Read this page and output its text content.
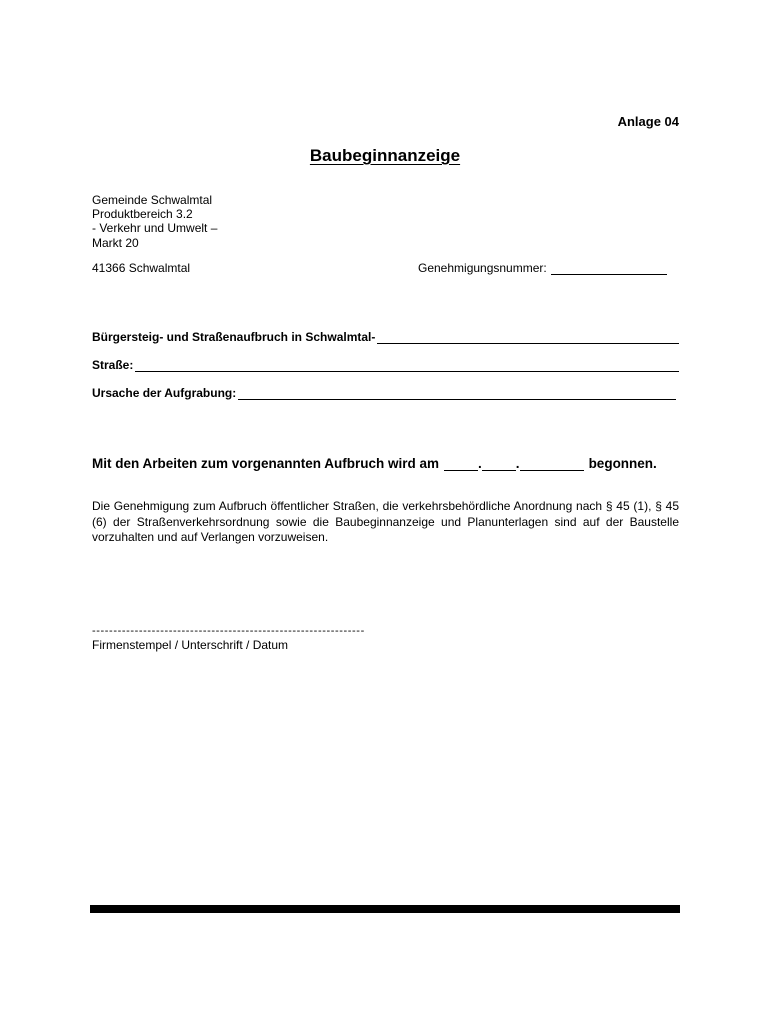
Anlage 04
Baubeginnanzeige
Gemeinde Schwalmtal
Produktbereich 3.2
- Verkehr und Umwelt –
Markt 20
41366 Schwalmtal	Genehmigungsnummer:
Bürgersteig- und Straßenaufbruch in Schwalmtal-
Straße:
Ursache der Aufgrabung:
Mit den Arbeiten zum vorgenannten Aufbruch wird am	.	.	begonnen.
Die Genehmigung zum Aufbruch öffentlicher Straßen, die verkehrsbehördliche Anordnung nach § 45 (1), § 45 (6) der Straßenverkehrsordnung sowie die Baubeginnanzeige und Planunterlagen sind auf der Baustelle vorzuhalten und auf Verlangen vorzuweisen.
----------------------------------------------------------------
Firmenstempel / Unterschrift / Datum
